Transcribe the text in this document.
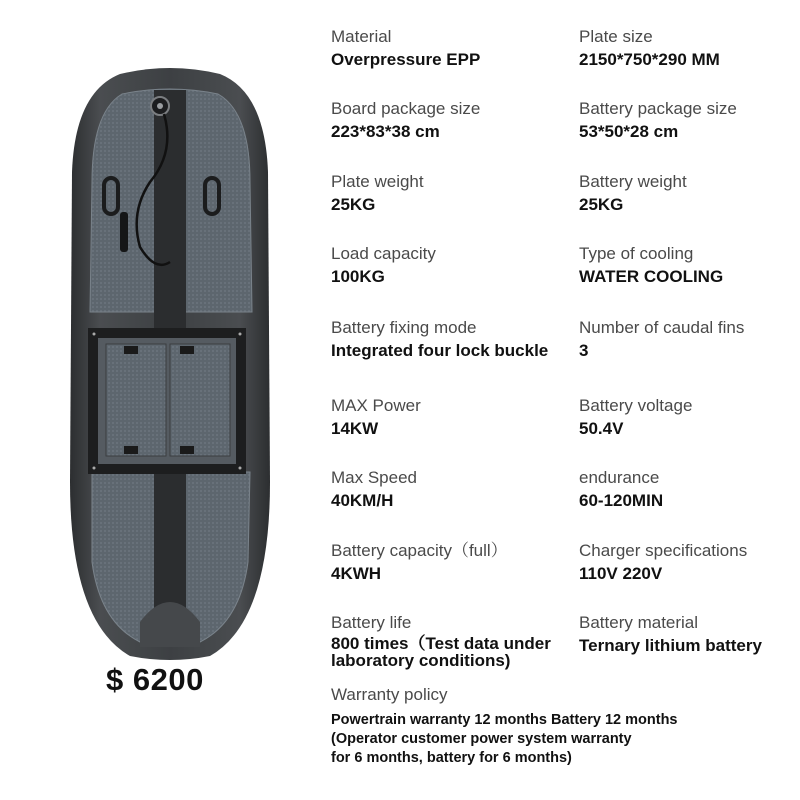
$ 6200
Material
Overpressure EPP
Board package size
223*83*38 cm
Plate weight
25KG
Load capacity
100KG
Battery fixing mode
Integrated four lock buckle
MAX Power
14KW
Max Speed
40KM/H
Battery capacity（full）
4KWH
Battery life
800 times（Test data under
laboratory conditions)
Plate size
2150*750*290 MM
Battery package size
53*50*28 cm
Battery weight
25KG
Type of cooling
WATER COOLING
Number of caudal fins
3
Battery voltage
50.4V
endurance
60-120MIN
Charger specifications
110V 220V
Battery material
Ternary lithium battery
Warranty policy
Powertrain warranty 12 months Battery 12 months
(Operator customer power system warranty
for 6 months, battery for 6 months)
